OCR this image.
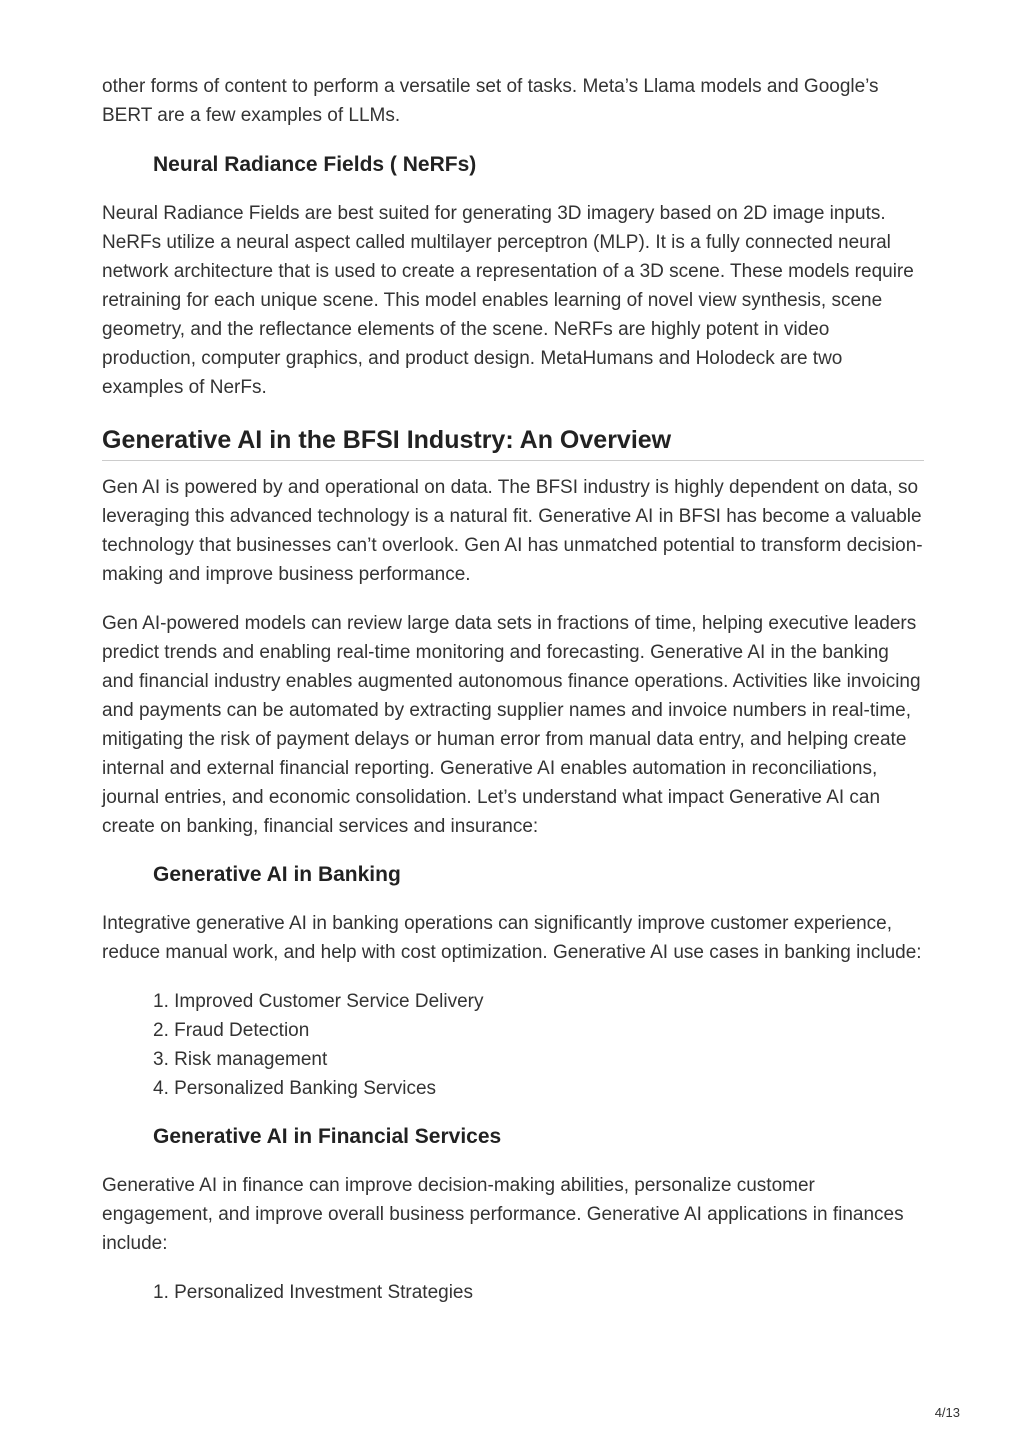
other forms of content to perform a versatile set of tasks. Meta’s Llama models and Google’s BERT are a few examples of LLMs.

Neural Radiance Fields ( NeRFs)

Neural Radiance Fields are best suited for generating 3D imagery based on 2D image inputs. NeRFs utilize a neural aspect called multilayer perceptron (MLP). It is a fully connected neural network architecture that is used to create a representation of a 3D scene. These models require retraining for each unique scene. This model enables learning of novel view synthesis, scene geometry, and the reflectance elements of the scene. NeRFs are highly potent in video production, computer graphics, and product design. MetaHumans and Holodeck are two examples of NerFs.

Generative AI in the BFSI Industry: An Overview

Gen AI is powered by and operational on data. The BFSI industry is highly dependent on data, so leveraging this advanced technology is a natural fit. Generative AI in BFSI has become a valuable technology that businesses can’t overlook. Gen AI has unmatched potential to transform decision-making and improve business performance.

Gen AI-powered models can review large data sets in fractions of time, helping executive leaders predict trends and enabling real-time monitoring and forecasting. Generative AI in the banking and financial industry enables augmented autonomous finance operations. Activities like invoicing and payments can be automated by extracting supplier names and invoice numbers in real-time, mitigating the risk of payment delays or human error from manual data entry, and helping create internal and external financial reporting. Generative AI enables automation in reconciliations, journal entries, and economic consolidation. Let’s understand what impact Generative AI can create on banking, financial services and insurance:

Generative AI in Banking

Integrative generative AI in banking operations can significantly improve customer experience, reduce manual work, and help with cost optimization. Generative AI use cases in banking include:

1. Improved Customer Service Delivery
2. Fraud Detection
3. Risk management
4. Personalized Banking Services
Generative AI in Financial Services

Generative AI in finance can improve decision-making abilities, personalize customer engagement, and improve overall business performance. Generative AI applications in finances include:

1. Personalized Investment Strategies
4/13
